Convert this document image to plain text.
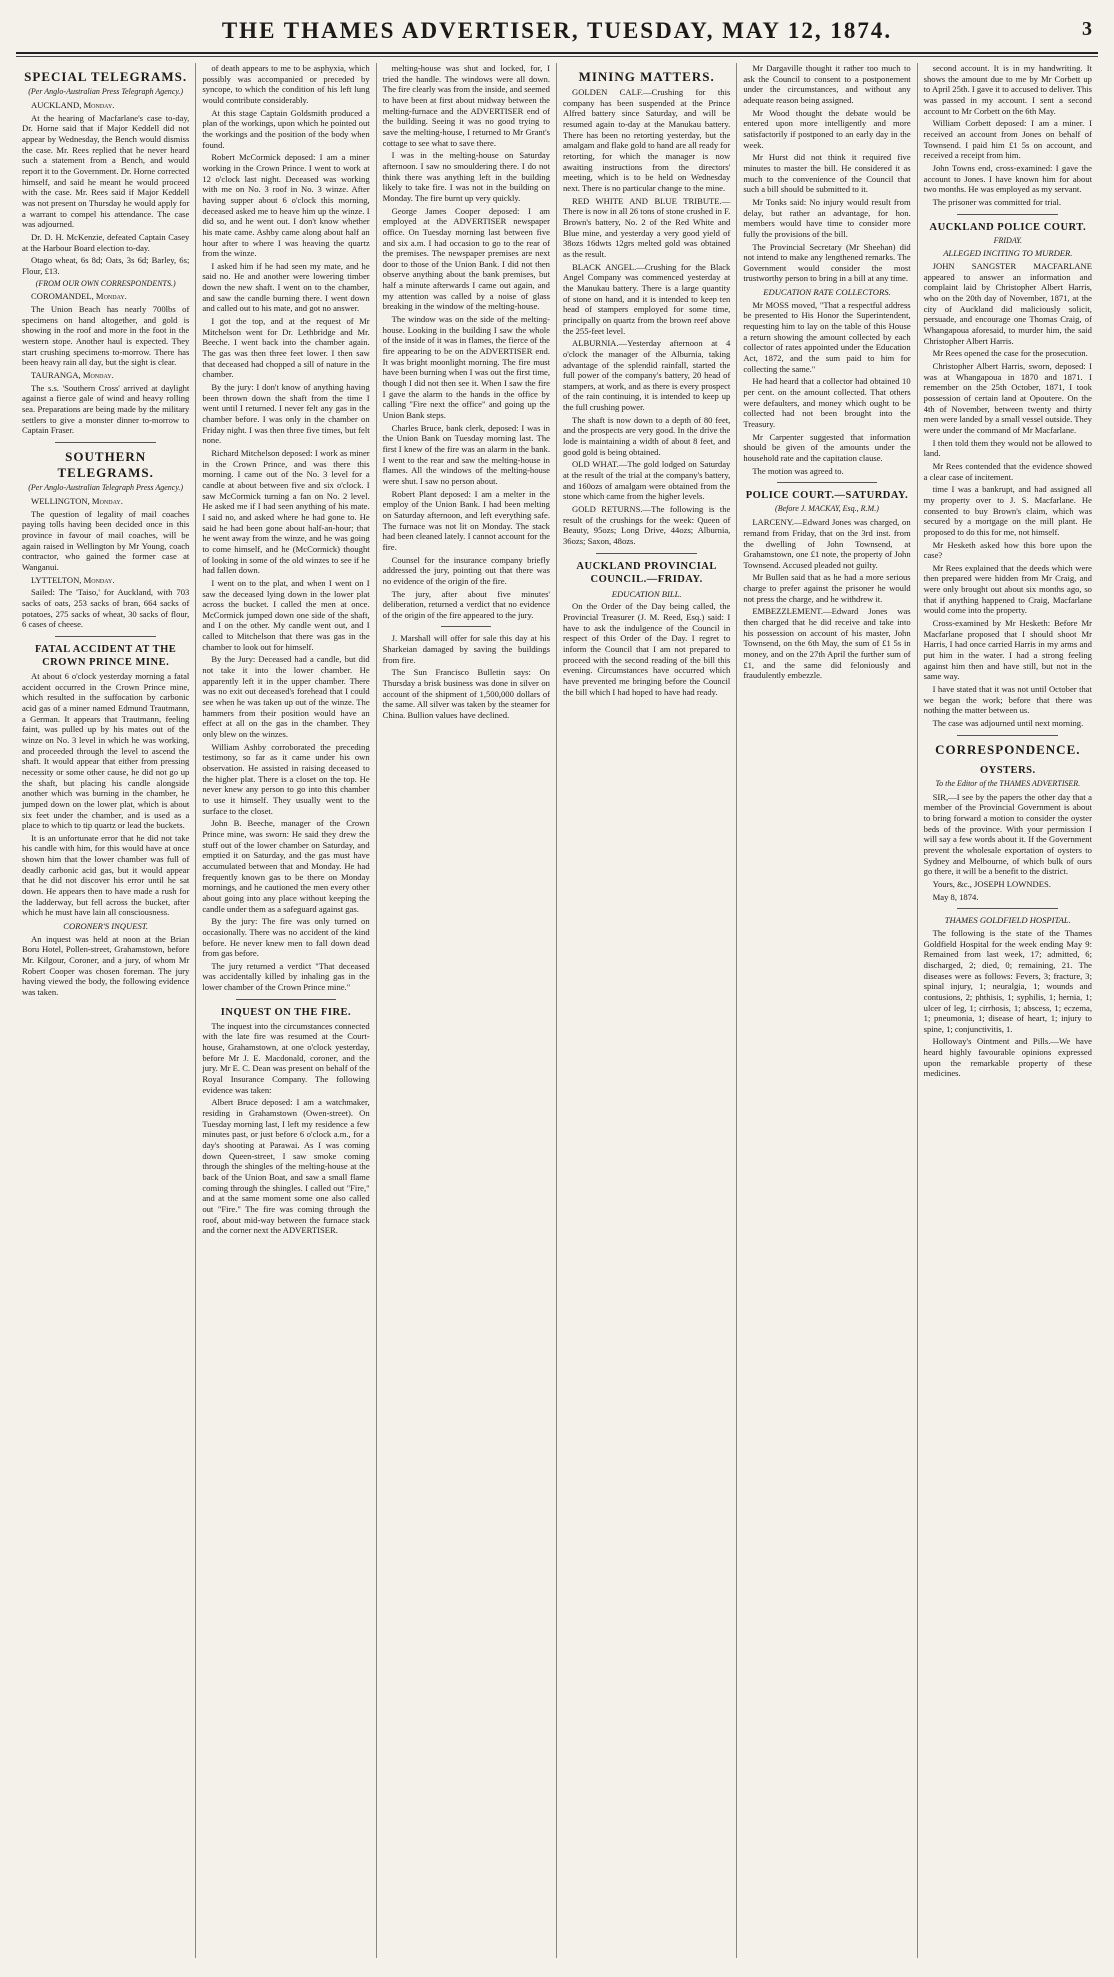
THE THAMES ADVERTISER, TUESDAY, MAY 12, 1874.	3
SPECIAL TELEGRAMS.
(Per Anglo-Australian Press Telegraph Agency.)

AUCKLAND, Monday.

At the hearing of Macfarlane's case to-day, Dr. Horne said that if Major Keddell did not appear by Wednesday, the Bench would dismiss the case. Mr. Rees replied that he never heard such a statement from a Bench, and would report it to the Government. Dr. Horne corrected himself, and said he meant he would proceed with the case. Mr. Rees said if Major Keddell was not present on Thursday he would apply for a warrant to compel his attendance. The case was adjourned.

Dr. D. H. McKenzie, defeated Captain Casey at the Harbour Board election to-day.

Otago wheat, 6s 8d; Oats, 3s 6d; Barley, 6s; Flour, £13.

(FROM OUR OWN CORRESPONDENTS.)

COROMANDEL, Monday.

The Union Beach has nearly 700lbs of specimens on hand altogether, and gold is showing in the roof and more in the foot in the western stope. Another haul is expected. They start crushing specimens to-morrow. There has been heavy rain all day, but the sight is clear.

TAURANGA, Monday.

The s.s. 'Southern Cross' arrived at daylight against a fierce gale of wind and heavy rolling sea. Preparations are being made by the military settlers to give a monster dinner to-morrow to Captain Fraser.

SOUTHERN TELEGRAMS.
(Per Anglo-Australian Telegraph Press Agency.)

WELLINGTON, Monday.

The question of legality of mail coaches paying tolls having been decided once in this province in favour of mail coaches, will be again raised in Wellington by Mr Young, coach contractor, who gained the former case at Wanganui.

LYTTELTON, Monday.

Sailed: The 'Taiso,' for Auckland, with 703 sacks of oats, 253 sacks of bran, 664 sacks of potatoes, 275 sacks of wheat, 30 sacks of flour, 6 cases of cheese.

FATAL ACCIDENT AT THE CROWN PRINCE MINE.

At about 6 o'clock yesterday morning a fatal accident occurred in the Crown Prince mine, which resulted in the suffocation by carbonic acid gas of a miner named Edmund Trautmann, a German. It appears that Trautmann, feeling faint, was pulled up by his mates out of the winze on No. 3 level in which he was working, and proceeded through the level to ascend the shaft. It would appear that either from pressing necessity or some other cause, he did not go up the shaft, but placing his candle alongside another which was burning in the chamber, he jumped down on the lower plat, which is about six feet under the chamber, and is used as a place to which to tip quartz or lead the buckets.

It is an unfortunate error that he did not take his candle with him, for this would have at once shown him that the lower chamber was full of deadly carbonic acid gas, but it would appear that he did not discover his error until he sat down. He appears then to have made a rush for the ladderway, but fell across the bucket, after which he must have lain all consciousness.

CORONER'S INQUEST.

An inquest was held at noon at the Brian Boru Hotel, Pollen-street, Grahamstown, before Mr. Kilgour, Coroner, and a jury, of whom Mr Robert Cooper was chosen foreman. The jury having viewed the body, the following evidence was taken.

of death appears to me to be asphyxia, which possibly was accompanied or preceded by syncope, to which the condition of his left lung would contribute considerably.

At this stage Captain Goldsmith produced a plan of the workings, upon which he pointed out the workings and the position of the body when found.

Robert McCormick deposed: I am a miner working in the Crown Prince. I went to work at 12 o'clock last night. Deceased was working with me on No. 3 roof in No. 3 winze. After having supper about 6 o'clock this morning, deceased asked me to heave him up the winze. I did so, and he went out. I don't know whether his mate came. Ashby came along about half an hour after to where I was heaving the quartz from the winze.

I asked him if he had seen my mate, and he said no. He and another were lowering timber down the new shaft. I went on to the chamber, and saw the candle burning there. I went down and called out to his mate, and got no answer.

I got the top, and at the request of Mr Mitchelson went for Dr. Lethbridge and Mr. Beeche. I went back into the chamber again. The gas was then three feet lower. I then saw that deceased had chopped a sill of nature in the chamber.

By the jury: I don't know of anything having been thrown down the shaft from the time I went until I returned. I never felt any gas in the chamber before. I was only in the chamber on Friday night. I was then three five times, but felt none.

Richard Mitchelson deposed: I work as miner in the Crown Prince, and was there this morning. I came out of the No. 3 level for a candle at about between five and six o'clock. I saw McCormick turning a fan on No. 2 level. He asked me if I had seen anything of his mate. I said no, and asked where he had gone to. He said he had been gone about half-an-hour; that he went away from the winze, and he was going to come himself, and he (McCormick) thought of looking in some of the old winzes to see if he had fallen down.

I went on to the plat, and when I went on I saw the deceased lying down in the lower plat across the bucket. I called the men at once. McCormick jumped down one side of the shaft, and I on the other. My candle went out, and I called to Mitchelson that there was gas in the chamber to look out for himself.

By the Jury: Deceased had a candle, but did not take it into the lower chamber. He apparently left it in the upper chamber. There was no exit out deceased's forehead that I could see when he was taken up out of the winze. The hammers from their position would have an effect at all on the gas in the chamber. They only blew on the winzes.

William Ashby corroborated the preceding testimony, so far as it came under his own observation. He assisted in raising deceased to the higher plat. There is a closet on the top. He never knew any person to go into this chamber to use it himself. They usually went to the surface to the closet.

John B. Beeche, manager of the Crown Prince mine, was sworn: He said they drew the stuff out of the lower chamber on Saturday, and emptied it on Saturday, and the gas must have accumulated between that and Monday. He had frequently known gas to be there on Monday mornings, and he cautioned the men every other about going into any place without keeping the candle under them as a safeguard against gas.

By the jury: The fire was only turned on occasionally. There was no accident of the kind before. He never knew men to fall down dead from gas before.

The jury returned a verdict "That deceased was accidentally killed by inhaling gas in the lower chamber of the Crown Prince mine."

INQUEST ON THE FIRE.

The inquest into the circumstances connected with the late fire was resumed at the Court-house, Grahamstown, at one o'clock yesterday, before Mr J. E. Macdonald, coroner, and the jury. Mr E. C. Dean was present on behalf of the Royal Insurance Company. The following evidence was taken:

Albert Bruce deposed: I am a watchmaker, residing in Grahamstown (Owen-street). On Tuesday morning last, I left my residence a few minutes past, or just before 6 o'clock a.m., for a day's shooting at Parawai. As I was coming down Queen-street, I saw smoke coming through the shingles of the melting-house at the back of the Union Boat, and saw a small flame coming through the shingles. I called out "Fire," and at the same moment some one also called out "Fire." The fire was coming through the roof, about mid-way between the furnace stack and the corner next the ADVERTISER.

melting-house was shut and locked, for, I tried the handle. The windows were all down. The fire clearly was from the inside, and seemed to have been at first about midway between the melting-furnace and the ADVERTISER end of the building. Seeing it was no good trying to save the melting-house, I returned to Mr Grant's cottage to see what to save there.

I was in the melting-house on Saturday afternoon. I saw no smouldering there. I do not think there was anything left in the building likely to take fire. I was not in the building on Monday. The fire burnt up very quickly.

George James Cooper deposed: I am employed at the ADVERTISER newspaper office. On Tuesday morning last between five and six a.m. I had occasion to go to the rear of the premises. The newspaper premises are next door to those of the Union Bank. I did not then observe anything about the bank premises, but half a minute afterwards I came out again, and my attention was called by a noise of glass breaking in the window of the melting-house.

The window was on the side of the melting-house. Looking in the building I saw the whole of the inside of it was in flames, the fierce of the fire appearing to be on the ADVERTISER end. It was bright moonlight morning. The fire must have been burning when I was out the first time, though I did not then see it. When I saw the fire I gave the alarm to the hands in the office by calling "Fire next the office" and going up the Union Bank steps.

Charles Bruce, bank clerk, deposed: I was in the Union Bank on Tuesday morning last. The first I knew of the fire was an alarm in the bank. I went to the rear and saw the melting-house in flames. All the windows of the melting-house were shut. I saw no person about.

Robert Plant deposed: I am a melter in the employ of the Union Bank. I had been melting on Saturday afternoon, and left everything safe. The furnace was not lit on Monday. The stack had been cleaned lately. I cannot account for the fire.

Counsel for the insurance company briefly addressed the jury, pointing out that there was no evidence of the origin of the fire.

The jury, after about five minutes' deliberation, returned a verdict that no evidence of the origin of the fire appeared to the jury.

J. Marshall will offer for sale this day at his Sharkeian damaged by saving the buildings from fire.

The Sun Francisco Bulletin says: On Thursday a brisk business was done in silver on account of the shipment of 1,500,000 dollars of the same. All silver was taken by the steamer for China. Bullion values have declined.

MINING MATTERS.

GOLDEN CALF.—Crushing for this company has been suspended at the Prince Alfred battery since Saturday, and will be resumed again to-day at the Manukau battery. There has been no retorting yesterday, but the amalgam and flake gold to hand are all ready for retorting, for which the manager is now awaiting instructions from the directors' meeting, which is to be held on Wednesday next. There is no particular change to the mine.

RED WHITE AND BLUE TRIBUTE.—There is now in all 26 tons of stone crushed in F. Brown's battery, No. 2 of the Red White and Blue mine, and yesterday a very good yield of 38ozs 16dwts 12grs melted gold was obtained as the result.

BLACK ANGEL.—Crushing for the Black Angel Company was commenced yesterday at the Manukau battery. There is a large quantity of stone on hand, and it is intended to keep ten head of stampers employed for some time, principally on quartz from the brown reef above the 255-feet level.

ALBURNIA.—Yesterday afternoon at 4 o'clock the manager of the Alburnia, taking advantage of the splendid rainfall, started the full power of the company's battery, 20 head of stampers, at work, and as there is every prospect of the rain continuing, it is intended to keep up the full crushing power.

The shaft is now down to a depth of 80 feet, and the prospects are very good. In the drive the lode is maintaining a width of about 8 feet, and good gold is being obtained.

OLD WHAT.—The gold lodged on Saturday at the result of the trial at the company's battery, and 160ozs of amalgam were obtained from the stone which came from the higher levels.

GOLD RETURNS.—The following is the result of the crushings for the week: Queen of Beauty, 95ozs; Long Drive, 44ozs; Alburnia, 36ozs; Saxon, 48ozs.

AUCKLAND PROVINCIAL COUNCIL.—FRIDAY.
EDUCATION BILL.

On the Order of the Day being called, the Provincial Treasurer (J. M. Reed, Esq.) said: I have to ask the indulgence of the Council in respect of this Order of the Day. I regret to inform the Council that I am not prepared to proceed with the second reading of the bill this evening. Circumstances have occurred which have prevented me bringing before the Council the bill which I had hoped to have had ready.

Mr Dargaville thought it rather too much to ask the Council to consent to a postponement under the circumstances, and without any adequate reason being assigned.

Mr Wood thought the debate would be entered upon more intelligently and more satisfactorily if postponed to an early day in the week.

Mr Hurst did not think it required five minutes to master the bill. He considered it as much to the convenience of the Council that such a bill should be submitted to it.

Mr Tonks said: No injury would result from delay, but rather an advantage, for hon. members would have time to consider more fully the provisions of the bill.

The Provincial Secretary (Mr Sheehan) did not intend to make any lengthened remarks. The Government would consider the most trustworthy person to bring in a bill at any time.

EDUCATION RATE COLLECTORS.

Mr MOSS moved, "That a respectful address be presented to His Honor the Superintendent, requesting him to lay on the table of this House a return showing the amount collected by each collector of rates appointed under the Education Act, 1872, and the sum paid to him for collecting the same."

He had heard that a collector had obtained 10 per cent. on the amount collected. That others were defaulters, and money which ought to be collected had not been brought into the Treasury.

Mr Carpenter suggested that information should be given of the amounts under the household rate and the capitation clause.

The motion was agreed to.

POLICE COURT.—SATURDAY.
(Before J. MACKAY, Esq., R.M.)

LARCENY.—Edward Jones was charged, on remand from Friday, that on the 3rd inst. from the dwelling of John Townsend, at Grahamstown, one £1 note, the property of John Townsend. Accused pleaded not guilty.

Mr Bullen said that as he had a more serious charge to prefer against the prisoner he would not press the charge, and he withdrew it.

EMBEZZLEMENT.—Edward Jones was then charged that he did receive and take into his possession on account of his master, John Townsend, on the 6th May, the sum of £1 5s in money, and on the 27th April the further sum of £1, and the same did feloniously and fraudulently embezzle.

second account. It is in my handwriting. It shows the amount due to me by Mr Corbett up to April 25th. I gave it to accused to deliver. This was passed in my account. I sent a second account to Mr Corbett on the 6th May.

William Corbett deposed: I am a miner. I received an account from Jones on behalf of Townsend. I paid him £1 5s on account, and received a receipt from him.

John Towns end, cross-examined: I gave the account to Jones. I have known him for about two months. He was employed as my servant.

The prisoner was committed for trial.

AUCKLAND POLICE COURT.
FRIDAY.
ALLEGED INCITING TO MURDER.

JOHN SANGSTER MACFARLANE appeared to answer an information and complaint laid by Christopher Albert Harris, who on the 20th day of November, 1871, at the city of Auckland did maliciously solicit, persuade, and encourage one Thomas Craig, of Whangapoua aforesaid, to murder him, the said Christopher Albert Harris.

Mr Rees opened the case for the prosecution.

Christopher Albert Harris, sworn, deposed: I was at Whangapoua in 1870 and 1871. I remember on the 25th October, 1871, I took possession of certain land at Opoutere. On the 4th of November, between twenty and thirty men were landed by a small vessel outside. They were under the command of Mr Macfarlane.

I then told them they would not be allowed to land.

Mr Rees contended that the evidence showed a clear case of incitement.

time I was a bankrupt, and had assigned all my property over to J. S. Macfarlane. He consented to buy Brown's claim, which was secured by a mortgage on the mill plant. He proposed to do this for me, not himself.

Mr Hesketh asked how this bore upon the case?

Mr Rees explained that the deeds which were then prepared were hidden from Mr Craig, and were only brought out about six months ago, so that if anything happened to Craig, Macfarlane would come into the property.

Cross-examined by Mr Hesketh: Before Mr Macfarlane proposed that I should shoot Mr Harris, I had once carried Harris in my arms and put him in the water. I had a strong feeling against him then and have still, but not in the same way.

I have stated that it was not until October that we began the work; before that there was nothing the matter between us.

The case was adjourned until next morning.

CORRESPONDENCE.
OYSTERS.
To the Editor of the THAMES ADVERTISER.

SIR,—I see by the papers the other day that a member of the Provincial Government is about to bring forward a motion to consider the oyster beds of the province. With your permission I will say a few words about it. If the Government prevent the wholesale exportation of oysters to Sydney and Melbourne, of which bulk of ours go there, it will be a benefit to the district.

Yours, &c., JOSEPH LOWNDES.

May 8, 1874.

THAMES GOLDFIELD HOSPITAL.

The following is the state of the Thames Goldfield Hospital for the week ending May 9: Remained from last week, 17; admitted, 6; discharged, 2; died, 0; remaining, 21. The diseases were as follows: Fevers, 3; fracture, 3; spinal injury, 1; neuralgia, 1; wounds and contusions, 2; phthisis, 1; syphilis, 1; hernia, 1; ulcer of leg, 1; cirrhosis, 1; abscess, 1; eczema, 1; pneumonia, 1; disease of heart, 1; injury to spine, 1; conjunctivitis, 1.

Holloway's Ointment and Pills.—We have heard highly favourable opinions expressed upon the remarkable property of these medicines.
